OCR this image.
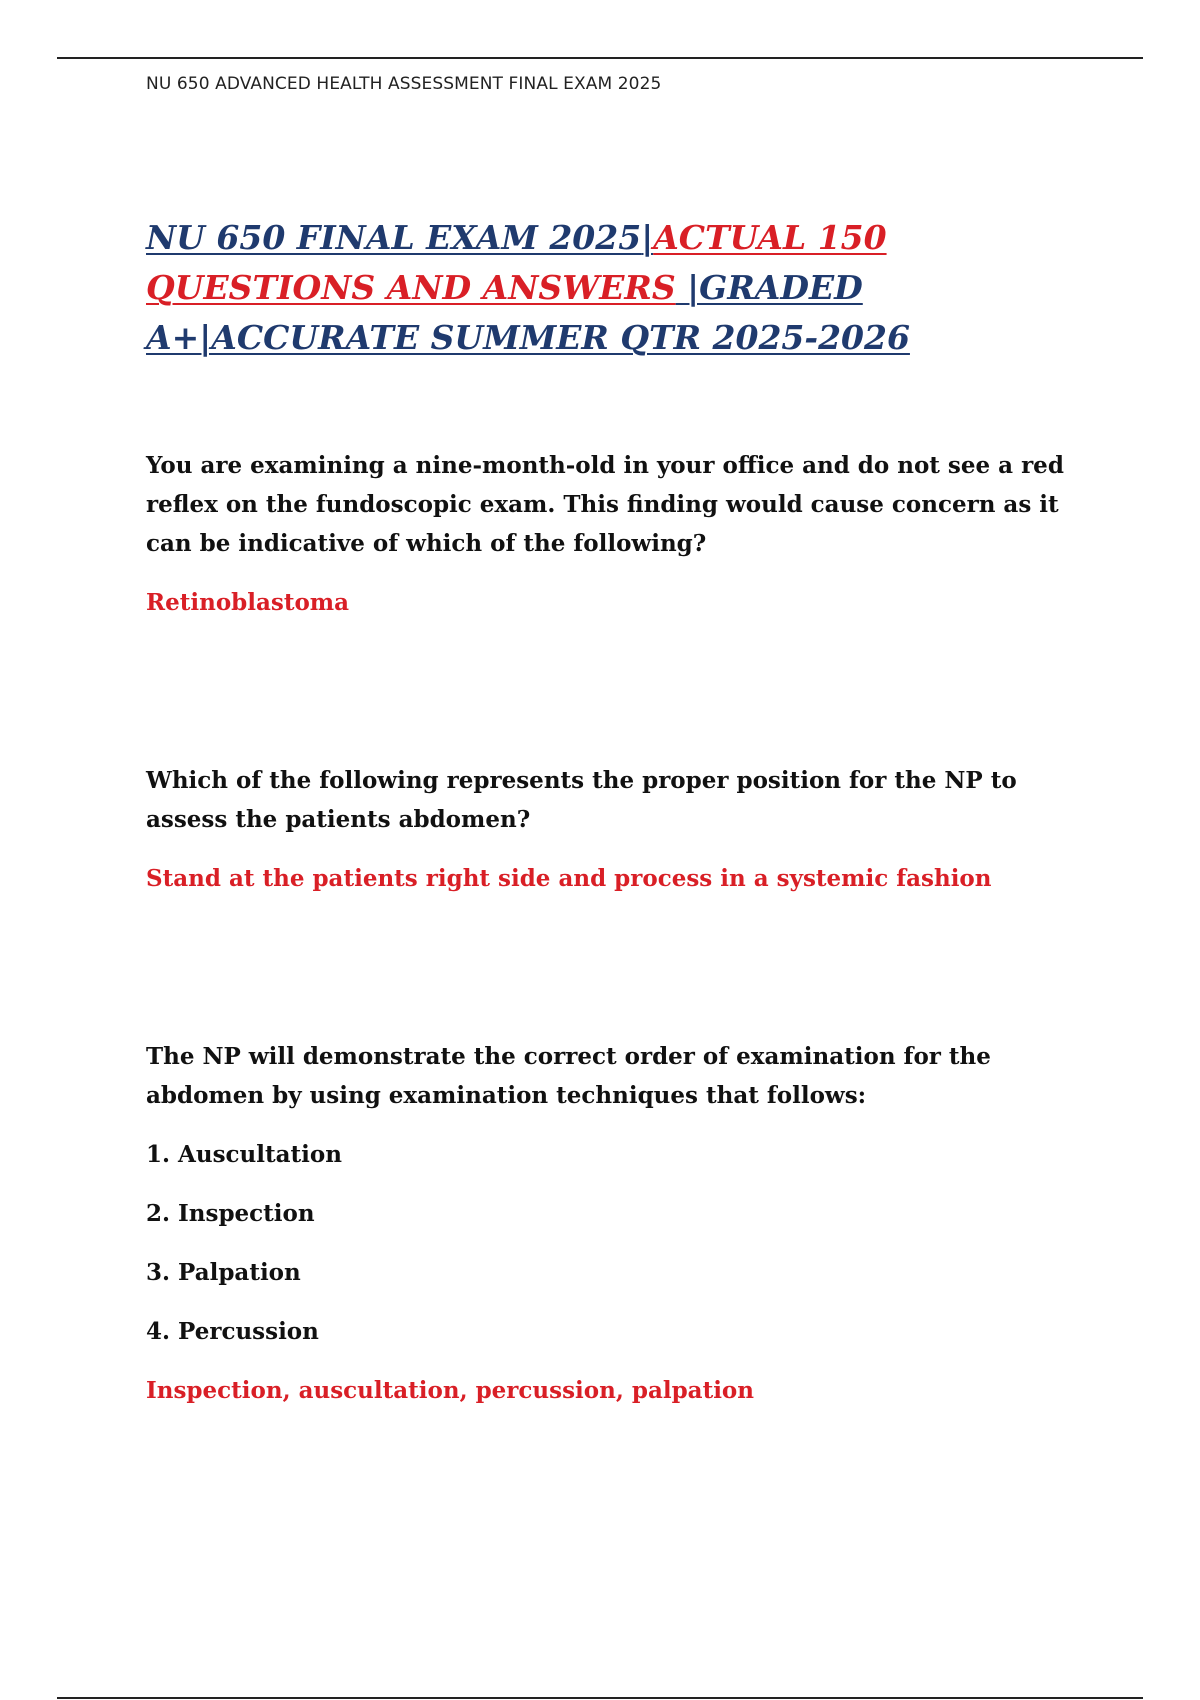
NU 650 ADVANCED HEALTH ASSESSMENT FINAL EXAM 2025
NU 650 FINAL EXAM 2025|ACTUAL 150 QUESTIONS AND ANSWERS |GRADED A+|ACCURATE SUMMER QTR 2025-2026

You are examining a nine-month-old in your office and do not see a red reflex on the fundoscopic exam. This finding would cause concern as it can be indicative of which of the following?

Retinoblastoma

Which of the following represents the proper position for the NP to assess the patients abdomen?

Stand at the patients right side and process in a systemic fashion

The NP will demonstrate the correct order of examination for the abdomen by using examination techniques that follows:

1. Auscultation

2. Inspection

3. Palpation

4. Percussion

Inspection, auscultation, percussion, palpation
